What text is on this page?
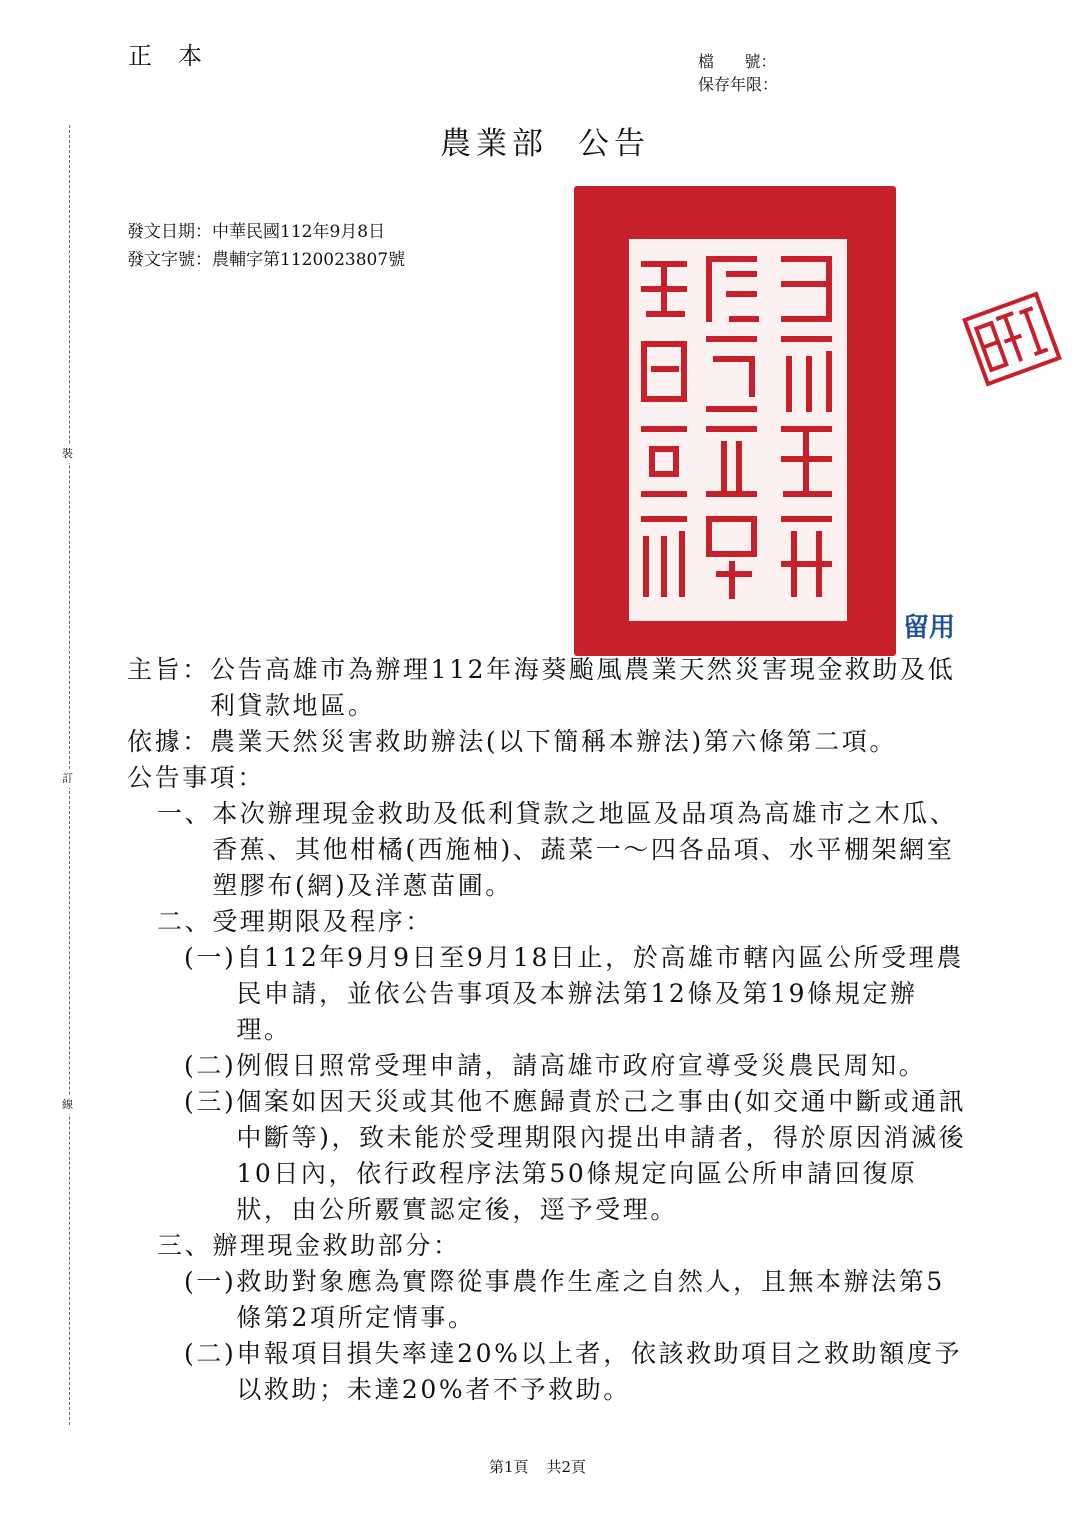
正本	檔      號：
保存年限：
裝
訂
線
農業部 公告
發文日期：中華民國112年9月8日
發文字號：農輔字第1120023807號
留用
主旨： 公告高雄市為辦理112年海葵颱風農業天然災害現金救助及低利貸款地區。
依據： 農業天然災害救助辦法(以下簡稱本辦法)第六條第二項。
公告事項：
一、 本次辦理現金救助及低利貸款之地區及品項為高雄市之木瓜、香蕉、其他柑橘(西施柚)、蔬菜一～四各品項、水平棚架網室塑膠布(網)及洋蔥苗圃。
二、 受理期限及程序：
(一) 自112年9月9日至9月18日止，於高雄市轄內區公所受理農民申請，並依公告事項及本辦法第12條及第19條規定辦理。
(二) 例假日照常受理申請，請高雄市政府宣導受災農民周知。
(三) 個案如因天災或其他不應歸責於己之事由(如交通中斷或通訊中斷等)，致未能於受理期限內提出申請者，得於原因消滅後10日內，依行政程序法第50條規定向區公所申請回復原狀，由公所覈實認定後，逕予受理。
三、 辦理現金救助部分：
(一) 救助對象應為實際從事農作生產之自然人，且無本辦法第5條第2項所定情事。
(二) 申報項目損失率達20%以上者，依該救助項目之救助額度予以救助；未達20%者不予救助。
第1頁 共2頁
